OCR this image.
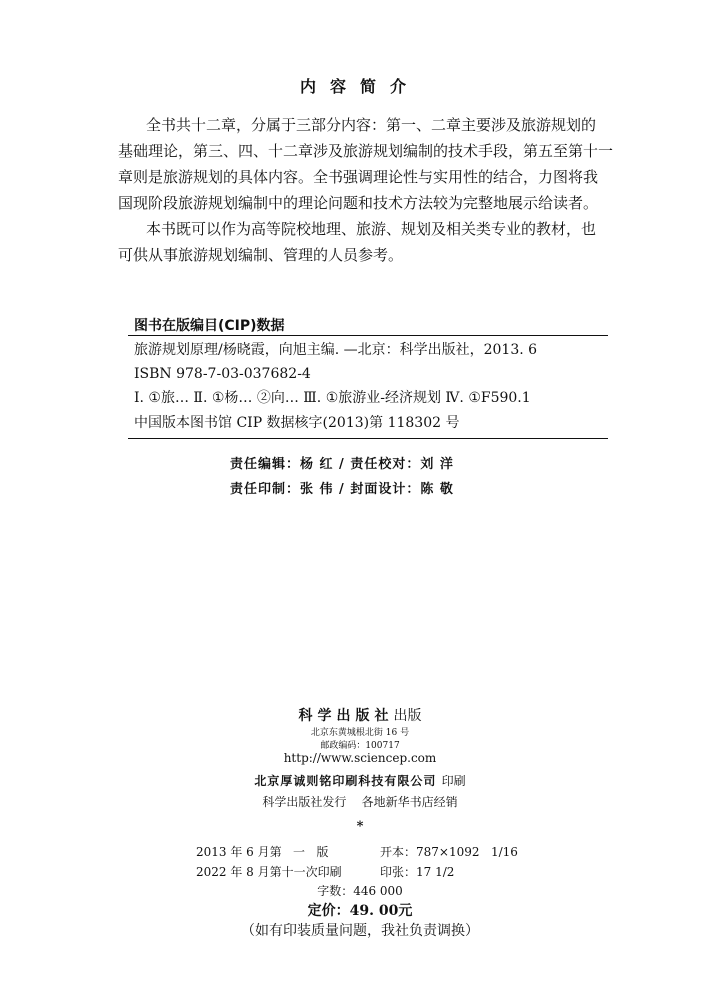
内容简介
全书共十二章，分属于三部分内容：第一、二章主要涉及旅游规划的
基础理论，第三、四、十二章涉及旅游规划编制的技术手段，第五至第十一
章则是旅游规划的具体内容。全书强调理论性与实用性的结合，力图将我
国现阶段旅游规划编制中的理论问题和技术方法较为完整地展示给读者。
本书既可以作为高等院校地理、旅游、规划及相关类专业的教材，也
可供从事旅游规划编制、管理的人员参考。
图书在版编目(CIP)数据
旅游规划原理/杨晓霞，向旭主编. —北京：科学出版社，2013. 6
ISBN 978-7-03-037682-4
Ⅰ. ①旅… Ⅱ. ①杨… ②向… Ⅲ. ①旅游业-经济规划 Ⅳ. ①F590.1
中国版本图书馆 CIP 数据核字(2013)第 118302 号
责任编辑：杨 红 / 责任校对：刘 洋
责任印制：张 伟 / 封面设计：陈 敬
科学出版社出版
北京东黄城根北街 16 号
邮政编码：100717
http://www.sciencep.com
北京厚诚则铭印刷科技有限公司 印刷
科学出版社发行    各地新华书店经销
*
2013 年 6 月第   一   版	开本：787×1092   1/16
2022 年 8 月第十一次印刷	印张：17 1/2
字数：446 000
定价：49. 00元
（如有印装质量问题，我社负责调换）
